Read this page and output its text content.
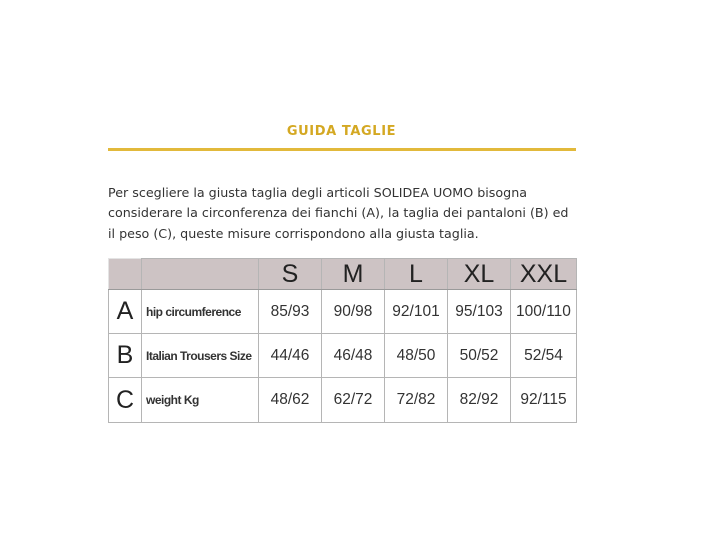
GUIDA TAGLIE

Per scegliere la giusta taglia degli articoli SOLIDEA UOMO bisogna considerare la circonferenza dei fianchi (A), la taglia dei pantaloni (B) ed il peso (C), queste misure corrispondono alla giusta taglia.

		S	M	L	XL	XXL
A	hip circumference	85/93	90/98	92/101	95/103	100/110
B	Italian Trousers Size	44/46	46/48	48/50	50/52	52/54
C	weight Kg	48/62	62/72	72/82	82/92	92/115
